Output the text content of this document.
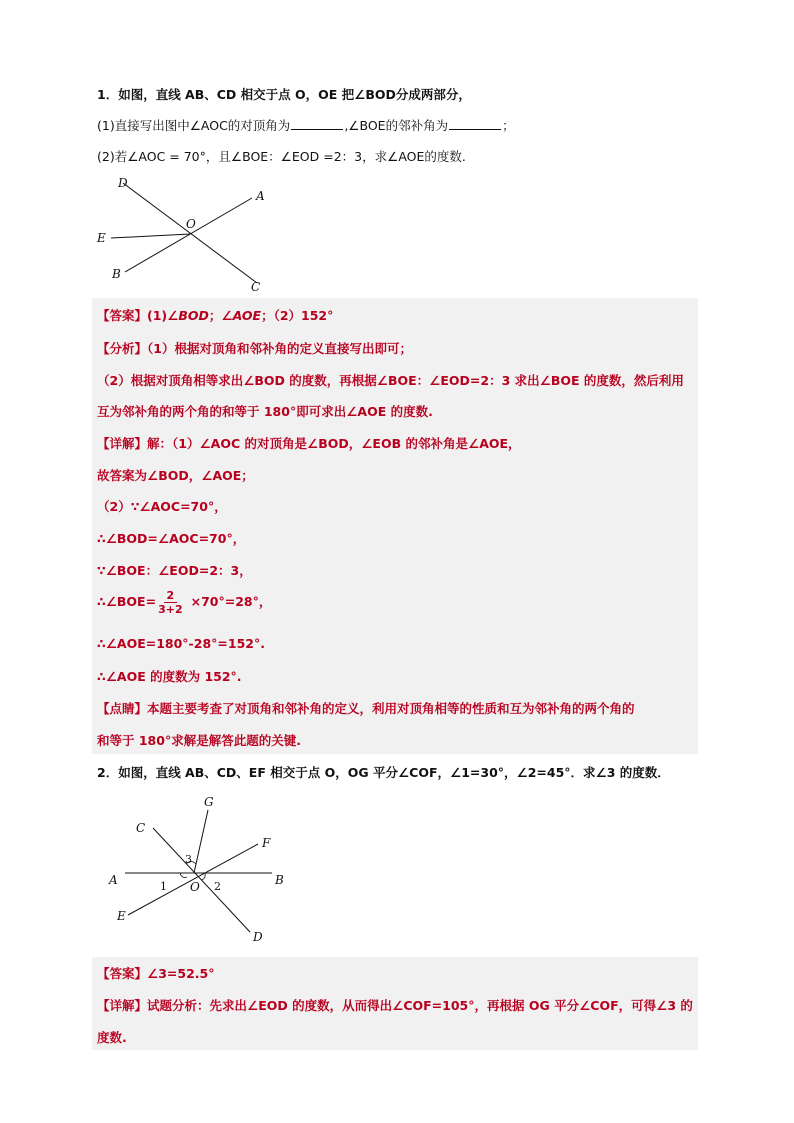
1．如图，直线 AB、CD 相交于点 O，OE 把∠BOD分成两部分，
(1)直接写出图中∠AOC的对顶角为	,∠BOE的邻补角为	；
(2)若∠AOC = 70°，且∠BOE：∠EOD =2：3，求∠AOE的度数.
D
A
O
E
B
C
【答案】(1)∠BOD；∠AOE；（2）152°
【分析】（1）根据对顶角和邻补角的定义直接写出即可；
（2）根据对顶角相等求出∠BOD 的度数，再根据∠BOE：∠EOD=2：3 求出∠BOE 的度数，然后利用
互为邻补角的两个角的和等于 180°即可求出∠AOE 的度数.
【详解】解：（1）∠AOC 的对顶角是∠BOD，∠EOB 的邻补角是∠AOE，
故答案为∠BOD，∠AOE；
（2）∵∠AOC=70°，
∴∠BOD=∠AOC=70°，
∵∠BOE：∠EOD=2：3，
∴∠BOE= $\frac{2}{3+2} \times 70^\circ=28^\circ$，
∴∠AOE=180°-28°=152°.
∴∠AOE 的度数为 152°.
【点睛】本题主要考查了对顶角和邻补角的定义，利用对顶角相等的性质和互为邻补角的两个角的
和等于 180°求解是解答此题的关键.
2．如图，直线 AB、CD、EF 相交于点 O，OG 平分∠COF，∠1=30°，∠2=45°．求∠3 的度数．
G
C
F
3
A	1 O 2	B
E
D
【答案】∠3=52.5°
【详解】试题分析：先求出∠EOD 的度数，从而得出∠COF=105°，再根据 OG 平分∠COF，可得∠3 的
度数.
